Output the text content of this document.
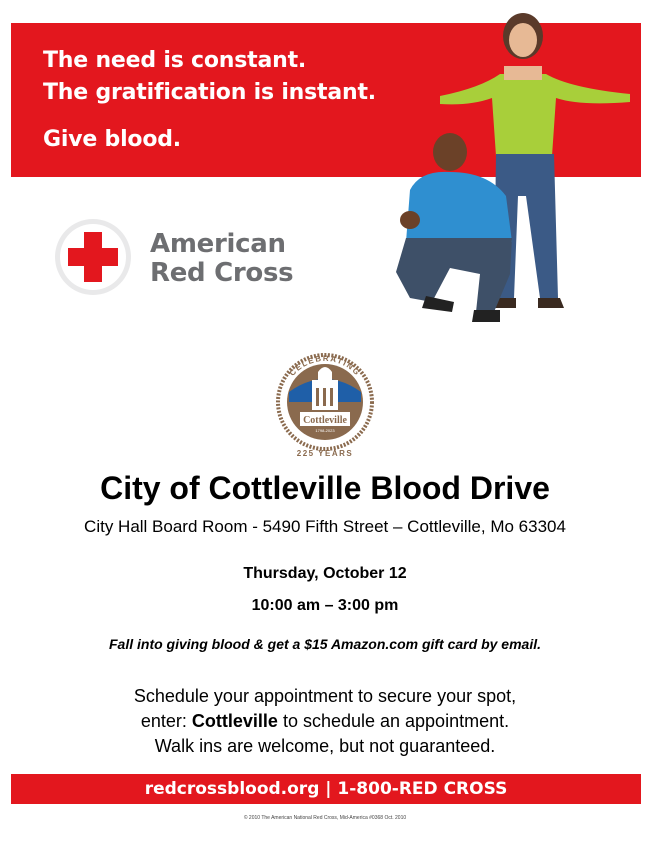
The need is constant.
The gratification is instant.
Give blood.
American
Red Cross
Cottleville
1798-2023
CELEBRATING
225 YEARS
City of Cottleville Blood Drive
City Hall Board Room - 5490 Fifth Street – Cottleville, Mo 63304
Thursday, October 12
10:00 am – 3:00 pm
Fall into giving blood & get a $15 Amazon.com gift card by email.
Schedule your appointment to secure your spot,
enter: Cottleville to schedule an appointment.
Walk ins are welcome, but not guaranteed.
redcrossblood.org | 1-800-RED CROSS
© 2010 The American National Red Cross, Mid-America #0368 Oct. 2010
